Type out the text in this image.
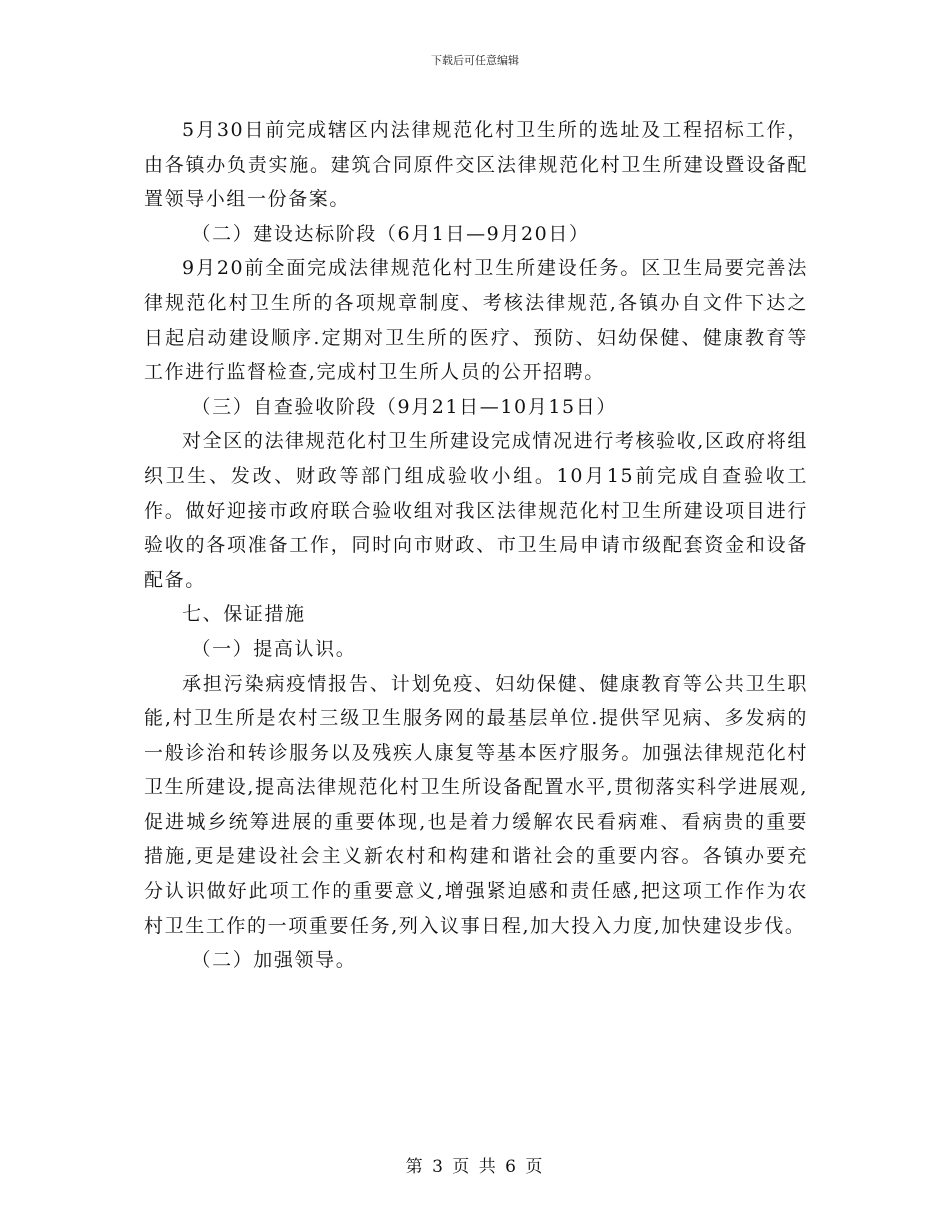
下载后可任意编辑

5月30日前完成辖区内法律规范化村卫生所的选址及工程招标工作，由各镇办负责实施。建筑合同原件交区法律规范化村卫生所建设暨设备配置领导小组一份备案。

（二）建设达标阶段（6月1日—9月20日）

9月20前全面完成法律规范化村卫生所建设任务。区卫生局要完善法律规范化村卫生所的各项规章制度、考核法律规范,各镇办自文件下达之日起启动建设顺序.定期对卫生所的医疗、预防、妇幼保健、健康教育等工作进行监督检查,完成村卫生所人员的公开招聘。

（三）自查验收阶段（9月21日—10月15日）

对全区的法律规范化村卫生所建设完成情况进行考核验收,区政府将组织卫生、发改、财政等部门组成验收小组。10月15前完成自查验收工作。做好迎接市政府联合验收组对我区法律规范化村卫生所建设项目进行验收的各项准备工作，同时向市财政、市卫生局申请市级配套资金和设备配备。

七、保证措施

（一）提高认识。

承担污染病疫情报告、计划免疫、妇幼保健、健康教育等公共卫生职能,村卫生所是农村三级卫生服务网的最基层单位.提供罕见病、多发病的一般诊治和转诊服务以及残疾人康复等基本医疗服务。加强法律规范化村卫生所建设,提高法律规范化村卫生所设备配置水平,贯彻落实科学进展观,促进城乡统筹进展的重要体现,也是着力缓解农民看病难、看病贵的重要措施,更是建设社会主义新农村和构建和谐社会的重要内容。各镇办要充分认识做好此项工作的重要意义,增强紧迫感和责任感,把这项工作作为农村卫生工作的一项重要任务,列入议事日程,加大投入力度,加快建设步伐。

（二）加强领导。

第 3 页 共 6 页
